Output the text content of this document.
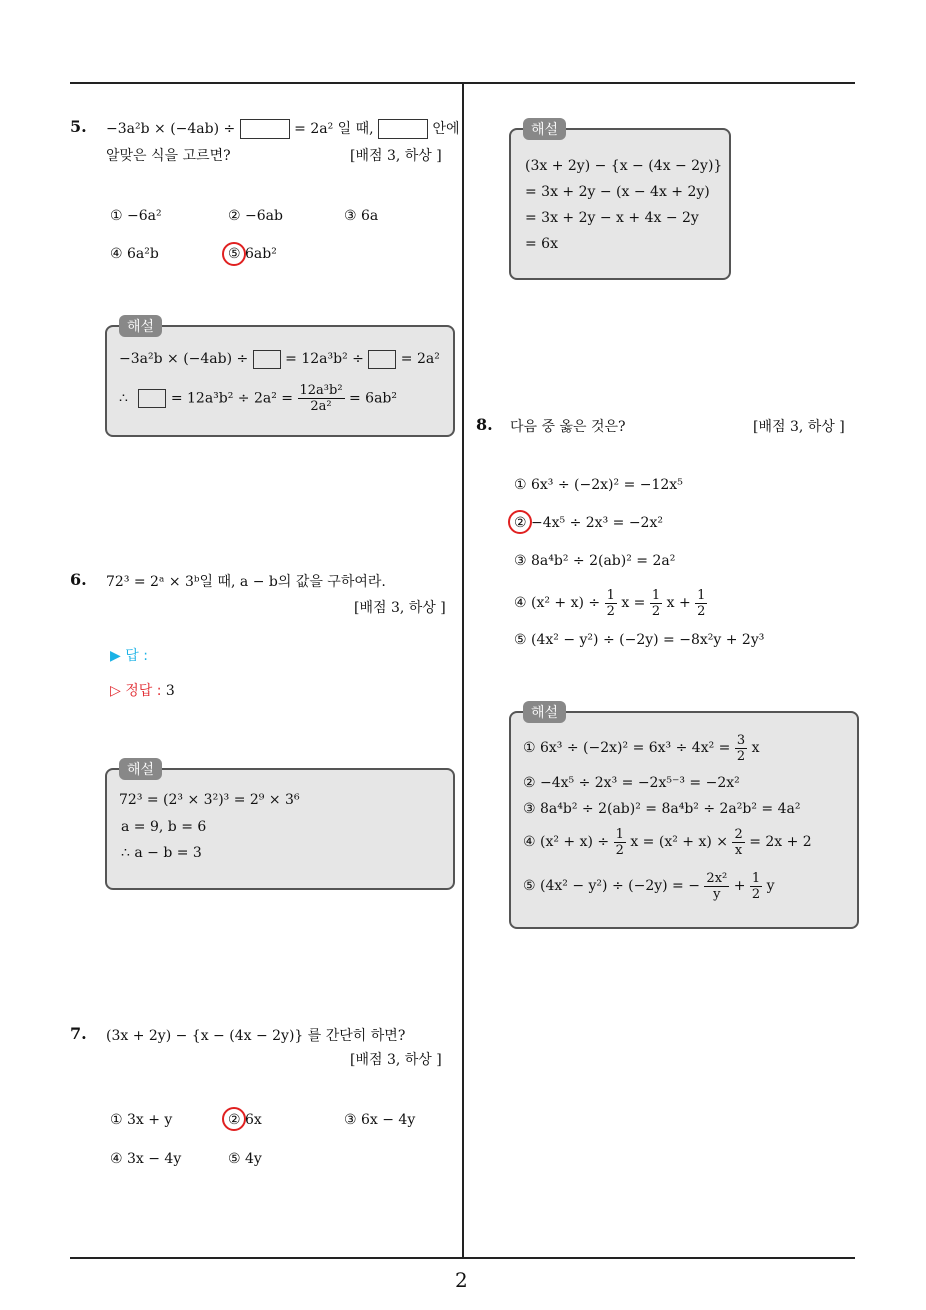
5. −3a²b × (−4ab) ÷	= 2a² 일 때,	안에
알맞은 식을 고르면?	[배점 3, 하상 ]
① −6a²	② −6ab	③ 6a
④ 6a²b	⑤ 6ab²
해설
−3a²b × (−4ab) ÷	= 12a³b² ÷	= 2a²
∴	= $12a^3b^2 \div 2a^2 = \frac{\text{12a³b²}}{\text{2a²}} = 6ab^2$
6. 72³ = 2ᵃ × 3ᵇ일 때, a − b의 값을 구하여라.
[배점 3, 하상 ]
▶ 답 :
▷ 정답 : 3
해설
72³ = (2³ × 3²)³ = 2⁹ × 3⁶
a = 9, b = 6
∴ a − b = 3
7. (3x + 2y) − {x − (4x − 2y)} 를 간단히 하면?
[배점 3, 하상 ]
① 3x + y	② 6x	③ 6x − 4y
④ 3x − 4y	⑤ 4y
해설
(3x + 2y) − {x − (4x − 2y)}
= 3x + 2y − (x − 4x + 2y)
= 3x + 2y − x + 4x − 2y
= 6x
8. 다음 중 옳은 것은?	[배점 3, 하상 ]
① 6x³ ÷ (−2x)² = −12x⁵
② −4x⁵ ÷ 2x³ = −2x²
③ 8a⁴b² ÷ 2(ab)² = 2a²
④ $(x^2 + x) \div \frac{1}{2}$ $x = \frac{1}{2}$ $x + \frac{1}{2}$
⑤ (4x² − y²) ÷ (−2y) = −8x²y + 2y³
해설
① $6x^3 \div (-2x)^2 = 6x^3 \div 4x^2 = \frac{3}{2}$ x
② −4x⁵ ÷ 2x³ = −2x⁵⁻³ = −2x²
③ 8a⁴b² ÷ 2(ab)² = 8a⁴b² ÷ 2a²b² = 4a²
④ $(x^2 + x) \div \frac{1}{2}$ $x = (x^2 + x) \times \frac{2}{x} = 2x + 2$
⑤ (4x² − y²) ÷ (−2y) = − $\frac{\text{2x²}}{y} + \frac{1}{2}$ y
2
